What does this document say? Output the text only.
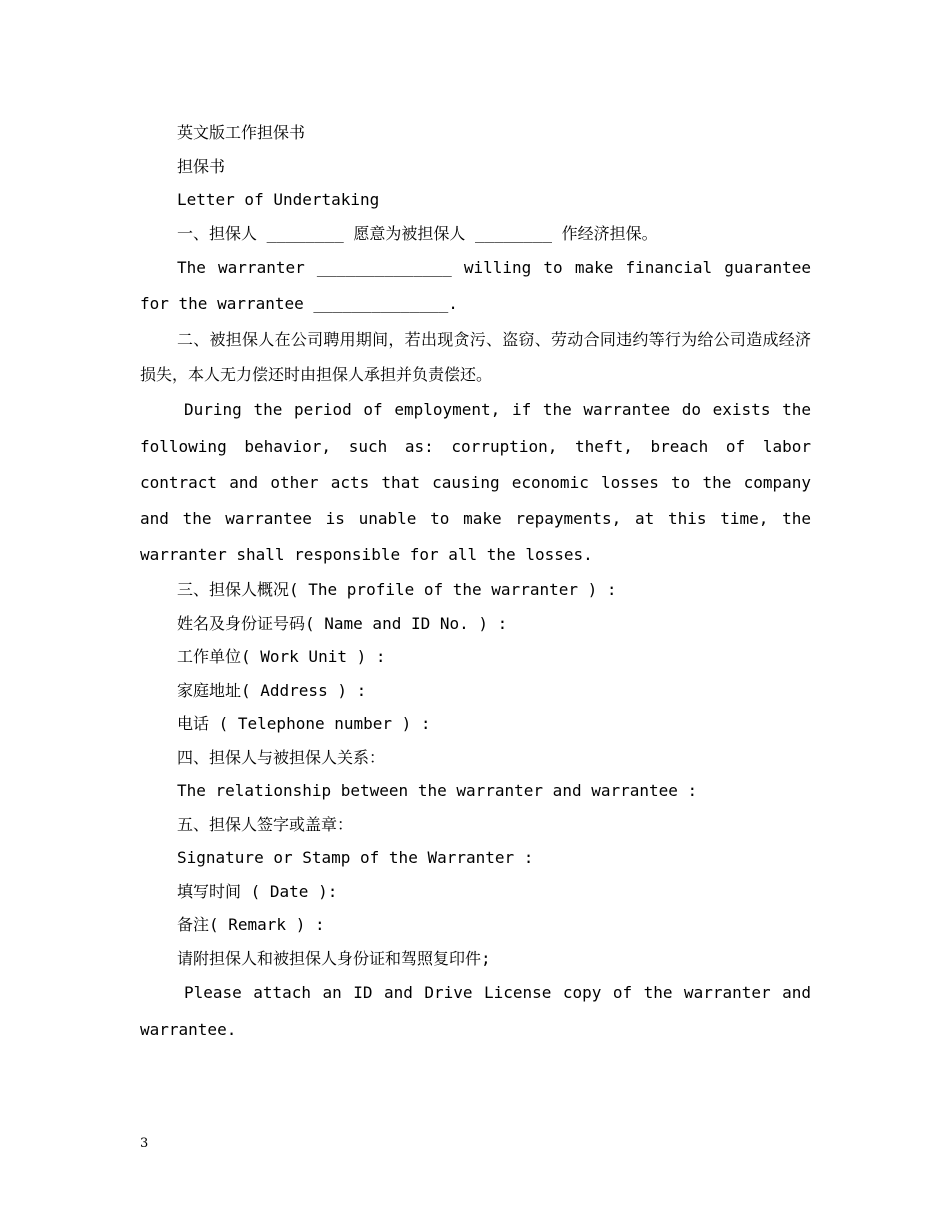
英文版工作担保书
担保书
Letter of Undertaking
一、担保人 ________ 愿意为被担保人 ________ 作经济担保。

The warranter ______________ willing to make financial guarantee for the warrantee ______________.

二、被担保人在公司聘用期间，若出现贪污、盗窃、劳动合同违约等行为给公司造成经济损失，本人无力偿还时由担保人承担并负责偿还。

During the period of employment, if the warrantee do exists the following behavior, such as: corruption, theft, breach of labor contract and other acts that causing economic losses to the company and the warrantee is unable to make repayments, at this time, the warranter shall responsible for all the losses.

三、担保人概况( The profile of the warranter ) :
姓名及身份证号码( Name and ID No. ) :
工作单位( Work Unit ) :
家庭地址( Address ) :
电话 ( Telephone number ) :
四、担保人与被担保人关系：
The relationship between the warranter and warrantee :
五、担保人签字或盖章：
Signature or Stamp of the Warranter :
填写时间 ( Date ):
备注( Remark ) :
请附担保人和被担保人身份证和驾照复印件;

Please attach an ID and Drive License copy of the warranter and warrantee.

3
